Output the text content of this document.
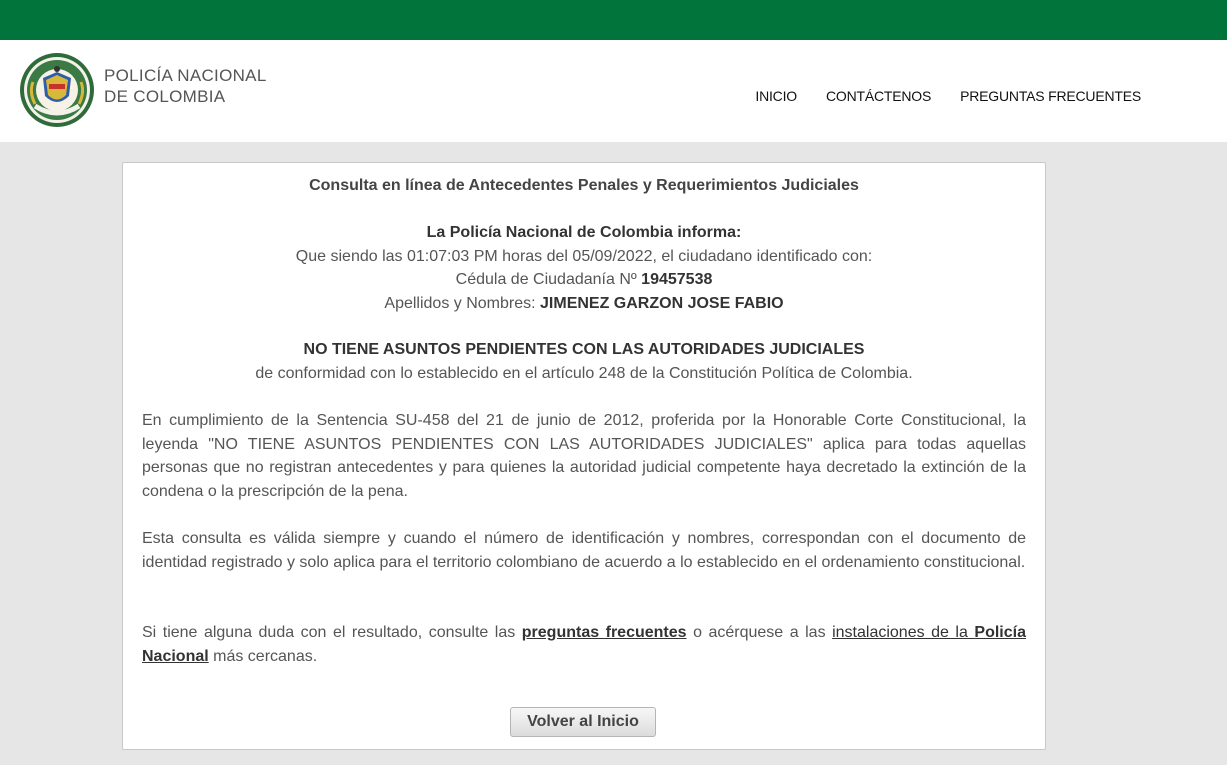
POLICÍA NACIONAL
DE COLOMBIA	INICIO CONTÁCTENOS PREGUNTAS FRECUENTES
Consulta en línea de Antecedentes Penales y Requerimientos Judiciales
La Policía Nacional de Colombia informa:
Que siendo las 01:07:03 PM horas del 05/09/2022, el ciudadano identificado con:
Cédula de Ciudadanía Nº 19457538
Apellidos y Nombres: JIMENEZ GARZON JOSE FABIO
NO TIENE ASUNTOS PENDIENTES CON LAS AUTORIDADES JUDICIALES
de conformidad con lo establecido en el artículo 248 de la Constitución Política de Colombia.
En cumplimiento de la Sentencia SU-458 del 21 de junio de 2012, proferida por la Honorable Corte Constitucional, la leyenda "NO TIENE ASUNTOS PENDIENTES CON LAS AUTORIDADES JUDICIALES" aplica para todas aquellas personas que no registran antecedentes y para quienes la autoridad judicial competente haya decretado la extinción de la condena o la prescripción de la pena.
Esta consulta es válida siempre y cuando el número de identificación y nombres, correspondan con el documento de identidad registrado y solo aplica para el territorio colombiano de acuerdo a lo establecido en el ordenamiento constitucional.
Si tiene alguna duda con el resultado, consulte las preguntas frecuentes o acérquese a las instalaciones de la Policía Nacional más cercanas.
Volver al Inicio
